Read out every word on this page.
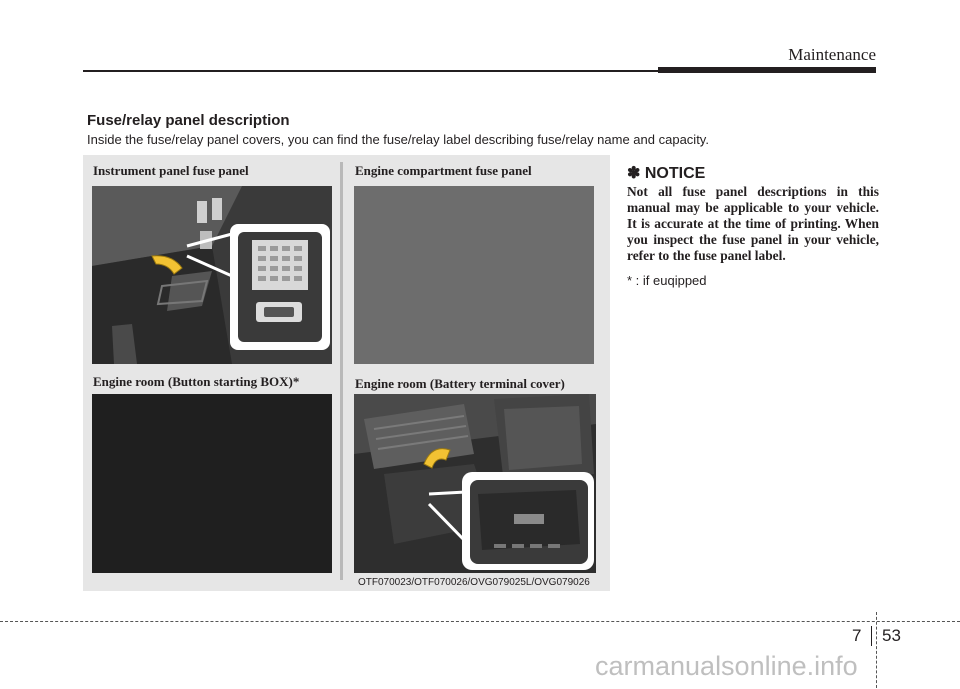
Maintenance
Fuse/relay panel description
Inside the fuse/relay panel covers, you can find the fuse/relay label describing fuse/relay name and capacity.
Instrument panel fuse panel	Engine compartment fuse panel
Engine room (Button starting BOX)*	Engine room (Battery terminal cover)
OTF070023/OTF070026/OVG079025L/OVG079026
✽ NOTICE
Not all fuse panel descriptions in this manual may be applicable to your vehicle. It is accurate at the time of printing. When you inspect the fuse panel in your vehicle, refer to the fuse panel label.
* : if euqipped
7 53
carmanualsonline.info
